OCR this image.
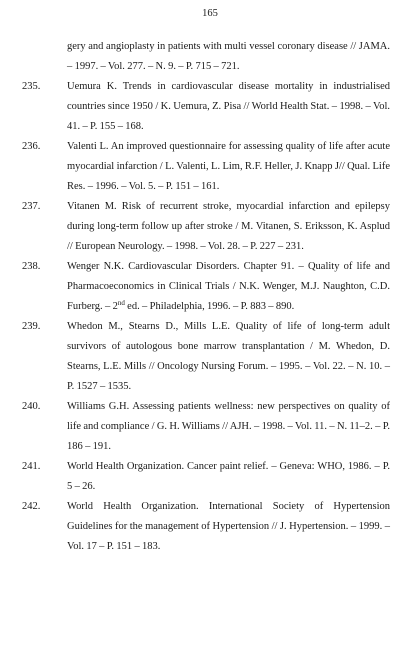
165
gery and angioplasty in patients with multi vessel coronary disease // JAMA. – 1997. – Vol. 277. – N. 9. – P. 715 – 721.
235.	Uemura K. Trends in cardiovascular disease mortality in industrialised countries since 1950 / K. Uemura, Z. Pisa // World Health Stat. – 1998. – Vol. 41. – P. 155 – 168.
236.	Valenti L. An improved questionnaire for assessing quality of life after acute myocardial infarction / L. Valenti, L. Lim, R.F. Heller, J. Knapp J// Qual. Life Res. – 1996. – Vol. 5. – P. 151 – 161.
237.	Vitanen M. Risk of recurrent stroke, myocardial infarction and epilepsy during long-term follow up after stroke / M. Vitanen, S. Eriksson, K. Asplud // European Neurology. – 1998. – Vol. 28. – P. 227 – 231.
238.	Wenger N.K. Cardiovascular Disorders. Chapter 91. – Quality of life and Pharmacoeconomics in Clinical Trials / N.K. Wenger, M.J. Naughton, C.D. Furberg. – 2nd ed. – Philadelphia, 1996. – P. 883 – 890.
239.	Whedon M., Stearns D., Mills L.E. Quality of life of long-term adult survivors of autologous bone marrow transplantation / M. Whedon, D. Stearns, L.E. Mills // Oncology Nursing Forum. – 1995. – Vol. 22. – N. 10. – P. 1527 – 1535.
240.	Williams G.H. Assessing patients wellness: new perspectives on quality of life and compliance / G. H. Williams // AJH. – 1998. – Vol. 11. – N. 11–2. – P. 186 – 191.
241.	World Health Organization. Cancer paint relief. – Geneva: WHO, 1986. – P. 5 – 26.
242.	World Health Organization. International Society of Hypertension Guidelines for the management of Hypertension // J. Hypertension. – 1999. – Vol. 17 – P. 151 – 183.
